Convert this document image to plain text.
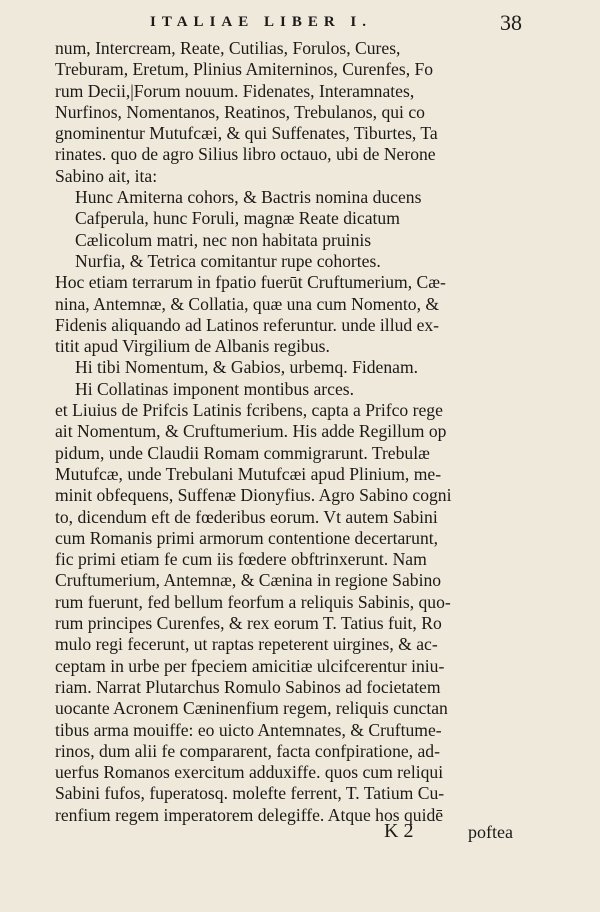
ITALIAE LIBER I.	38
num, Intercream, Reate, Cutilias, Forulos, Cures,
Treburam, Eretum, Plinius Amiterninos, Curenfes, Fo
rum Decii,|Forum nouum. Fidenates, Interamnates,
Nurfinos, Nomentanos, Reatinos, Trebulanos, qui co
gnominentur Mutufcæi, & qui Suffenates, Tiburtes, Ta
rinates. quo de agro Silius libro octauo, ubi de Nerone
Sabino ait, ita:
Hunc Amiterna cohors, & Bactris nomina ducens
Cafperula, hunc Foruli, magnæ Reate dicatum
Cælicolum matri, nec non habitata pruinis
Nurfia, & Tetrica comitantur rupe cohortes.
Hoc etiam terrarum in fpatio fuerūt Cruftumerium, Cæ-
nina, Antemnæ, & Collatia, quæ una cum Nomento, &
Fidenis aliquando ad Latinos referuntur. unde illud ex-
titit apud Virgilium de Albanis regibus.
Hi tibi Nomentum, & Gabios, urbemq. Fidenam.
Hi Collatinas imponent montibus arces.
et Liuius de Prifcis Latinis fcribens, capta a Prifco rege
ait Nomentum, & Cruftumerium. His adde Regillum op
pidum, unde Claudii Romam commigrarunt. Trebulæ
Mutufcæ, unde Trebulani Mutufcæi apud Plinium, me-
minit obfequens, Suffenæ Dionyfius. Agro Sabino cogni
to, dicendum eft de fœderibus eorum. Vt autem Sabini
cum Romanis primi armorum contentione decertarunt,
fic primi etiam fe cum iis fœdere obftrinxerunt. Nam
Cruftumerium, Antemnæ, & Cænina in regione Sabino
rum fuerunt, fed bellum feorfum a reliquis Sabinis, quo-
rum principes Curenfes, & rex eorum T. Tatius fuit, Ro
mulo regi fecerunt, ut raptas repeterent uirgines, & ac-
ceptam in urbe per fpeciem amicitiæ ulcifcerentur iniu-
riam. Narrat Plutarchus Romulo Sabinos ad focietatem
uocante Acronem Cæninenfium regem, reliquis cunctan
tibus arma mouiffe: eo uicto Antemnates, & Cruftume-
rinos, dum alii fe compararent, facta confpiratione, ad-
uerfus Romanos exercitum adduxiffe. quos cum reliqui
Sabini fufos, fuperatosq. molefte ferrent, T. Tatium Cu-
renfium regem imperatorem delegiffe. Atque hos quidē
K 2	poftea
